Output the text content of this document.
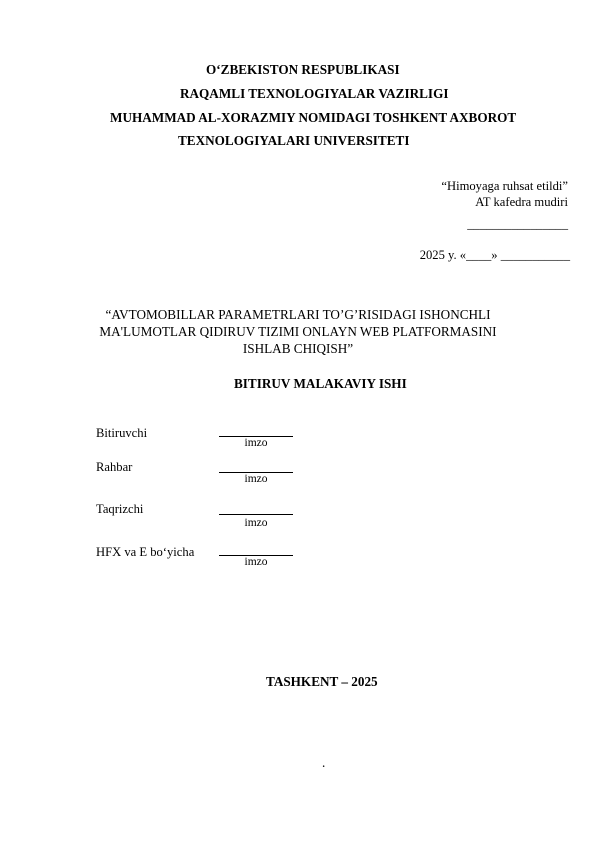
O‘ZBEKISTON RESPUBLIKASI
RAQAMLI TEXNOLOGIYALAR VAZIRLIGI
MUHAMMAD AL-XORAZMIY NOMIDAGI TOSHKENT AXBOROT
TEXNOLOGIYALARI UNIVERSITETI
“Himoyaga ruhsat etildi”
AT kafedra mudiri
________________
2025 y. «____» ___________
“AVTOMOBILLAR PARAMETRLARI TO’G’RISIDAGI ISHONCHLI
MA'LUMOTLAR QIDIRUV TIZIMI ONLAYN WEB PLATFORMASINI
ISHLAB CHIQISH”
BITIRUV MALAKAVIY ISHI
Bitiruvchi
imzo
Rahbar
imzo
Taqrizchi
imzo
HFX va E bo‘yicha
imzo
TASHKENT – 2025
.
